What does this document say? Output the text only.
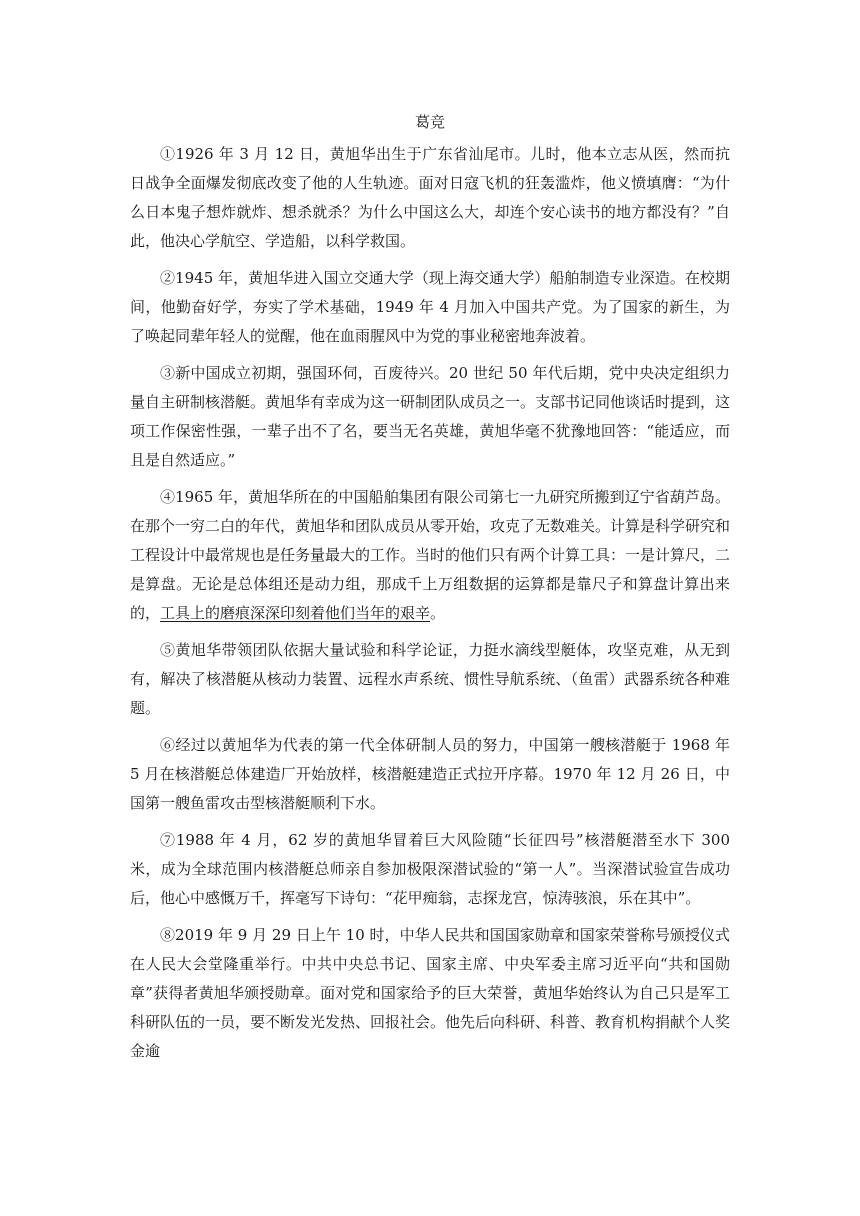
葛竞

①1926 年 3 月 12 日，黄旭华出生于广东省汕尾市。儿时，他本立志从医，然而抗日战争全面爆发彻底改变了他的人生轨迹。面对日寇飞机的狂轰滥炸，他义愤填膺：“为什么日本鬼子想炸就炸、想杀就杀？为什么中国这么大，却连个安心读书的地方都没有？”自此，他决心学航空、学造船，以科学救国。

②1945 年，黄旭华进入国立交通大学（现上海交通大学）船舶制造专业深造。在校期间，他勤奋好学，夯实了学术基础，1949 年 4 月加入中国共产党。为了国家的新生，为了唤起同辈年轻人的觉醒，他在血雨腥风中为党的事业秘密地奔波着。

③新中国成立初期，强国环伺，百废待兴。20 世纪 50 年代后期，党中央决定组织力量自主研制核潜艇。黄旭华有幸成为这一研制团队成员之一。支部书记同他谈话时提到，这项工作保密性强，一辈子出不了名，要当无名英雄，黄旭华毫不犹豫地回答：“能适应，而且是自然适应。”

④1965 年，黄旭华所在的中国船舶集团有限公司第七一九研究所搬到辽宁省葫芦岛。在那个一穷二白的年代，黄旭华和团队成员从零开始，攻克了无数难关。计算是科学研究和工程设计中最常规也是任务量最大的工作。当时的他们只有两个计算工具：一是计算尺，二是算盘。无论是总体组还是动力组，那成千上万组数据的运算都是靠尺子和算盘计算出来的，工具上的磨痕深深印刻着他们当年的艰辛。

⑤黄旭华带领团队依据大量试验和科学论证，力挺水滴线型艇体，攻坚克难，从无到有，解决了核潜艇从核动力装置、远程水声系统、惯性导航系统、（鱼雷）武器系统各种难题。

⑥经过以黄旭华为代表的第一代全体研制人员的努力，中国第一艘核潜艇于 1968 年 5 月在核潜艇总体建造厂开始放样，核潜艇建造正式拉开序幕。1970 年 12 月 26 日，中国第一艘鱼雷攻击型核潜艇顺利下水。

⑦1988 年 4 月，62 岁的黄旭华冒着巨大风险随“长征四号”核潜艇潜至水下 300 米，成为全球范围内核潜艇总师亲自参加极限深潜试验的“第一人”。当深潜试验宣告成功后，他心中感慨万千，挥毫写下诗句：“花甲痴翁，志探龙宫，惊涛骇浪，乐在其中”。

⑧2019 年 9 月 29 日上午 10 时，中华人民共和国国家勋章和国家荣誉称号颁授仪式在人民大会堂隆重举行。中共中央总书记、国家主席、中央军委主席习近平向“共和国勋章”获得者黄旭华颁授勋章。面对党和国家给予的巨大荣誉，黄旭华始终认为自己只是军工科研队伍的一员，要不断发光发热、回报社会。他先后向科研、科普、教育机构捐献个人奖金逾
